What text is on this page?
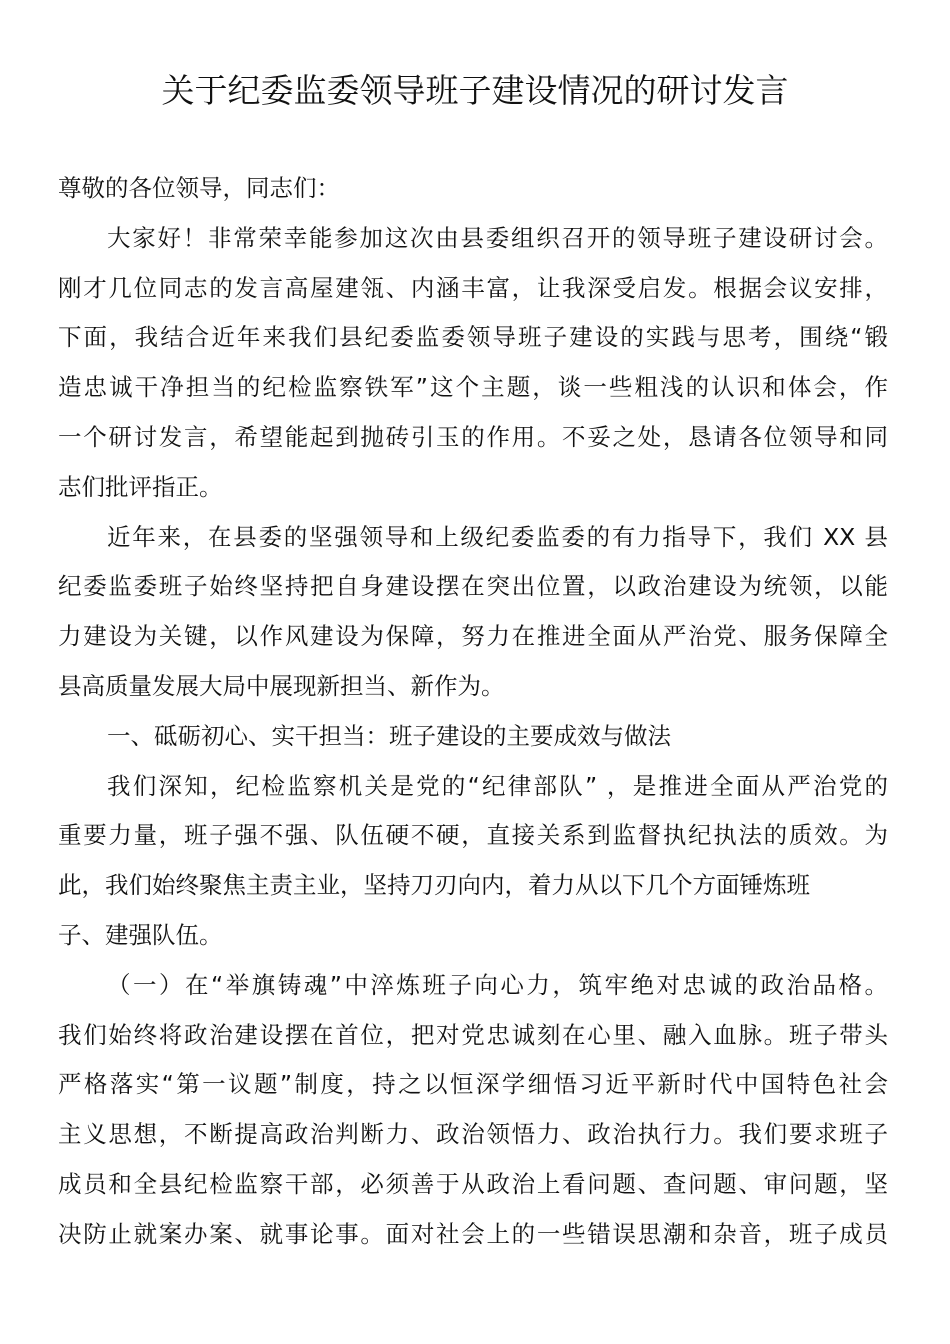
关于纪委监委领导班子建设情况的研讨发言
尊敬的各位领导，同志们：
大家好！非常荣幸能参加这次由县委组织召开的领导班子建设研讨会。
刚才几位同志的发言高屋建瓴、内涵丰富，让我深受启发。根据会议安排，
下面，我结合近年来我们县纪委监委领导班子建设的实践与思考，围绕“锻
造忠诚干净担当的纪检监察铁军”这个主题，谈一些粗浅的认识和体会，作
一个研讨发言，希望能起到抛砖引玉的作用。不妥之处，恳请各位领导和同
志们批评指正。
近年来，在县委的坚强领导和上级纪委监委的有力指导下，我们 XX 县
纪委监委班子始终坚持把自身建设摆在突出位置，以政治建设为统领，以能
力建设为关键，以作风建设为保障，努力在推进全面从严治党、服务保障全
县高质量发展大局中展现新担当、新作为。
一、砥砺初心、实干担当：班子建设的主要成效与做法
我们深知，纪检监察机关是党的“纪律部队” ，是推进全面从严治党的
重要力量，班子强不强、队伍硬不硬，直接关系到监督执纪执法的质效。为
此，我们始终聚焦主责主业，坚持刀刃向内，着力从以下几个方面锤炼班
子、建强队伍。
（一）在“举旗铸魂”中淬炼班子向心力，筑牢绝对忠诚的政治品格。
我们始终将政治建设摆在首位，把对党忠诚刻在心里、融入血脉。班子带头
严格落实“第一议题”制度，持之以恒深学细悟习近平新时代中国特色社会
主义思想，不断提高政治判断力、政治领悟力、政治执行力。我们要求班子
成员和全县纪检监察干部，必须善于从政治上看问题、查问题、审问题，坚
决防止就案办案、就事论事。面对社会上的一些错误思潮和杂音，班子成员
